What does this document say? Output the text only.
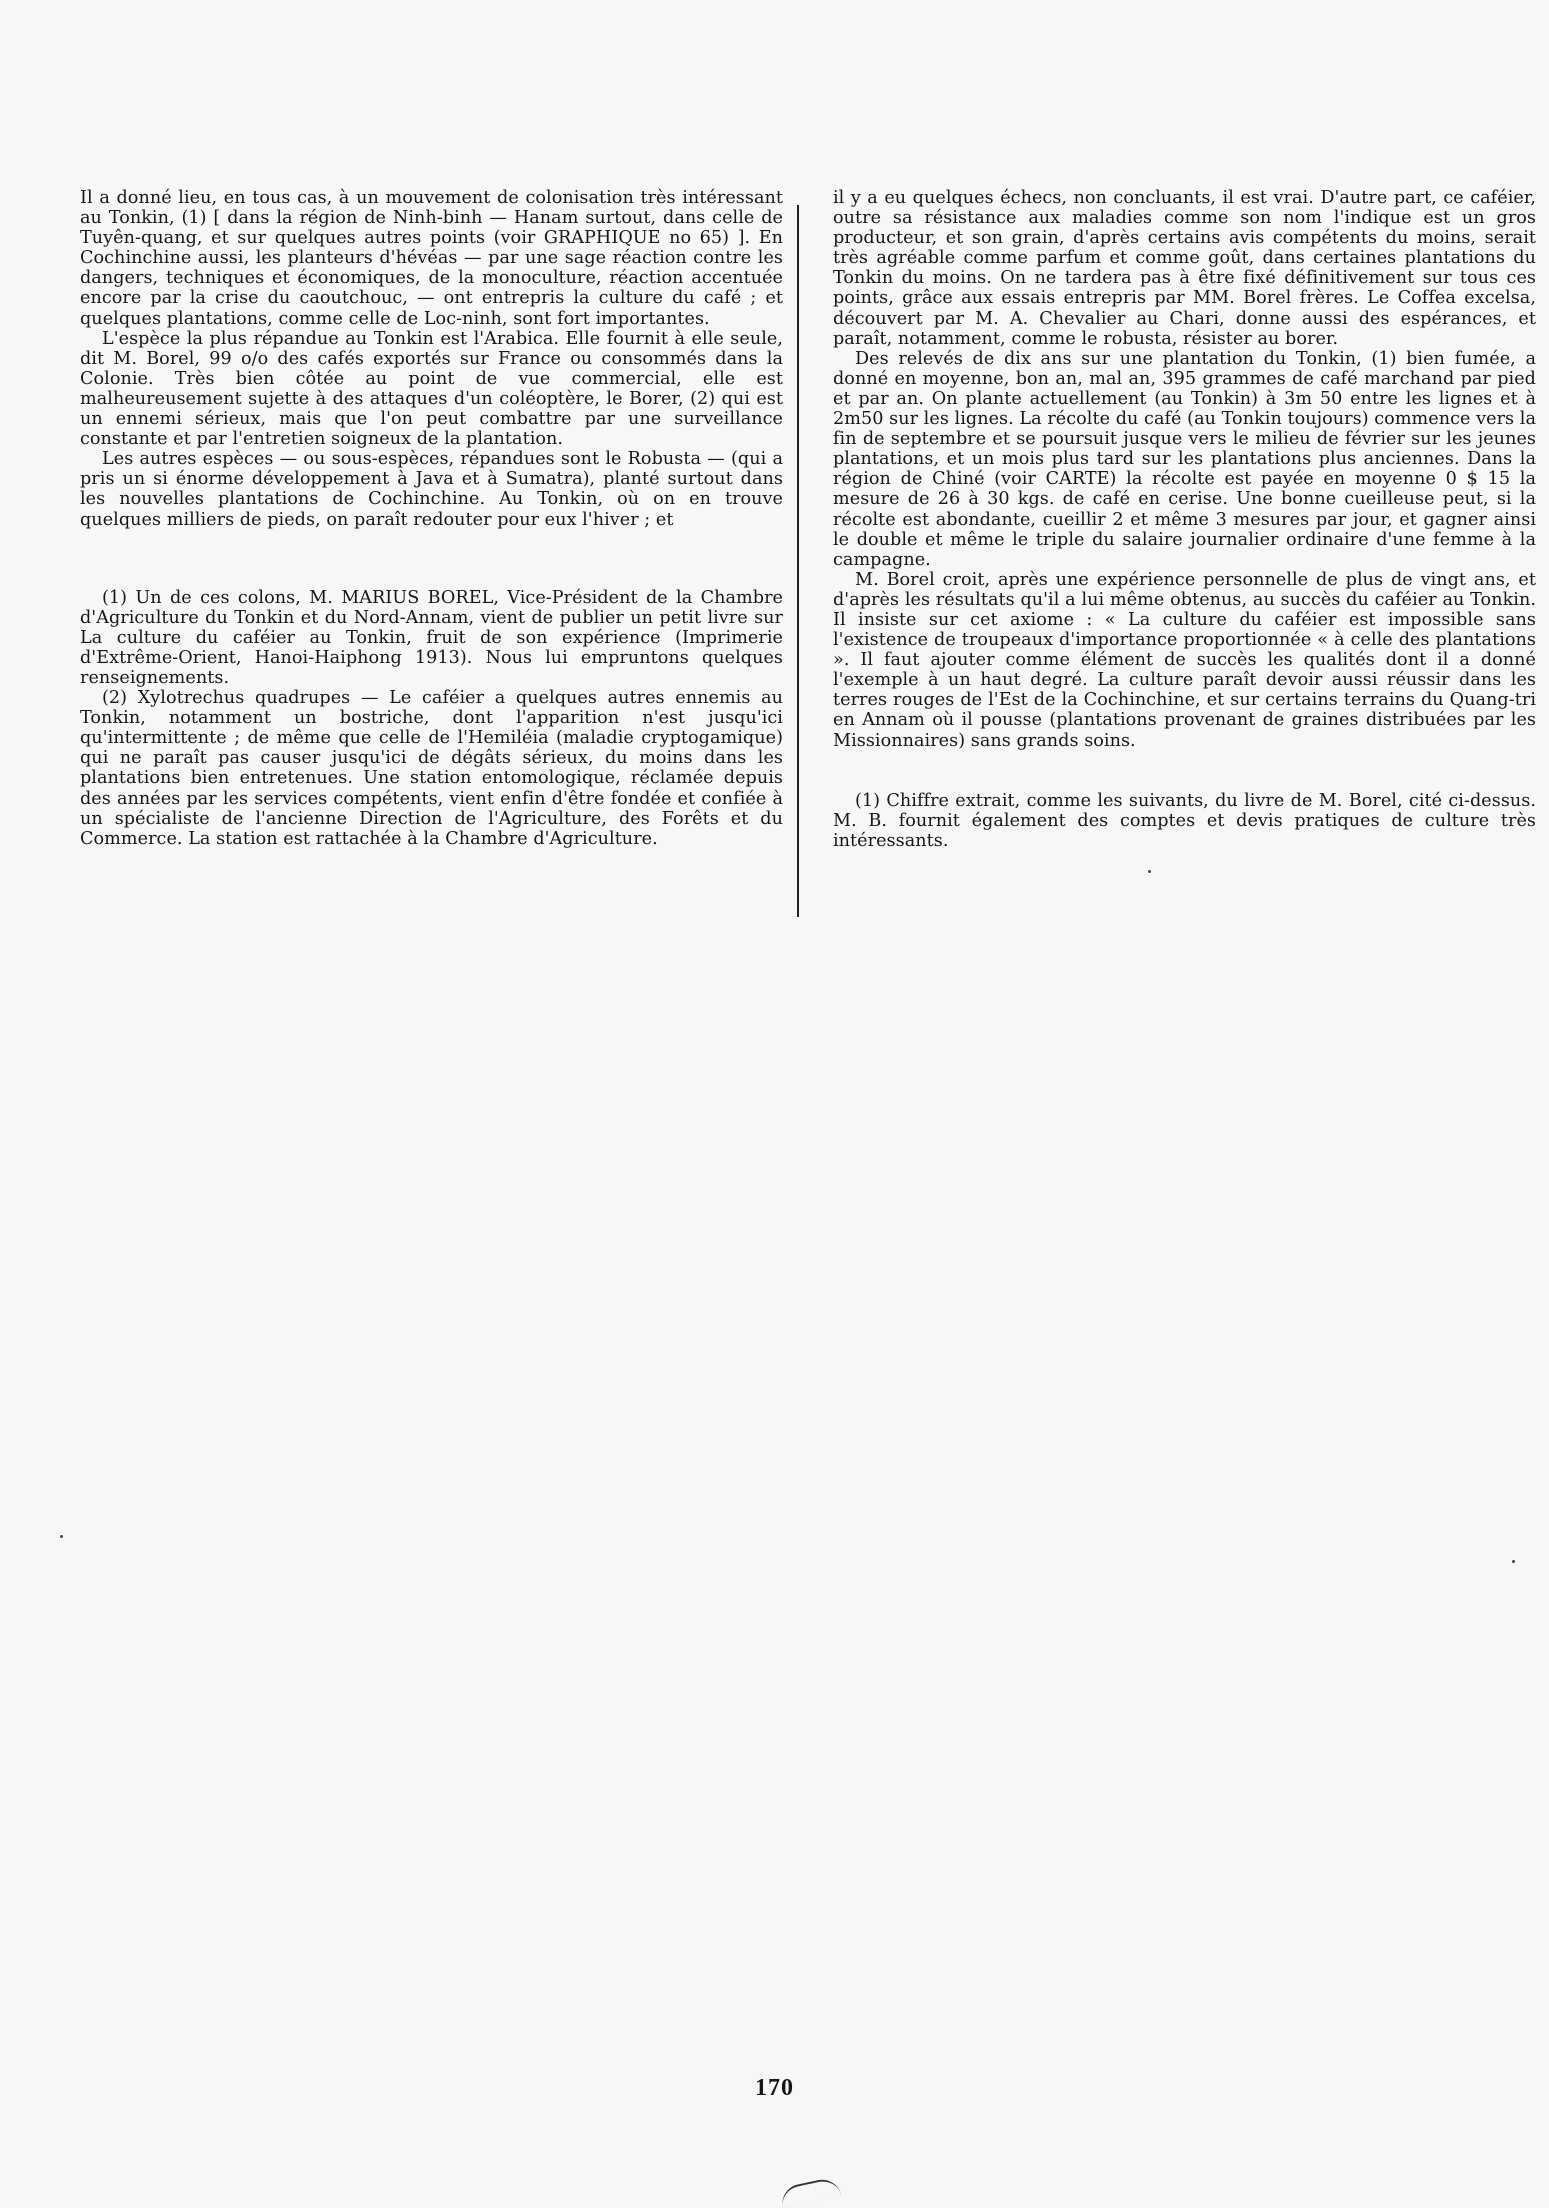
Il a donné lieu, en tous cas, à un mouvement de colonisation très intéressant au Tonkin, (1) [ dans la région de Ninh-binh — Hanam surtout, dans celle de Tuyên-quang, et sur quelques autres points (voir GRAPHIQUE no 65) ]. En Cochinchine aussi, les planteurs d'hévéas — par une sage réaction contre les dangers, techniques et économiques, de la monoculture, réaction accentuée encore par la crise du caoutchouc, — ont entrepris la culture du café ; et quelques plantations, comme celle de Loc-ninh, sont fort importantes.

L'espèce la plus répandue au Tonkin est l'Arabica. Elle fournit à elle seule, dit M. Borel, 99 o/o des cafés exportés sur France ou consommés dans la Colonie. Très bien côtée au point de vue commercial, elle est malheureusement sujette à des attaques d'un coléoptère, le Borer, (2) qui est un ennemi sérieux, mais que l'on peut combattre par une surveillance constante et par l'entretien soigneux de la plantation.

Les autres espèces — ou sous-espèces, répandues sont le Robusta — (qui a pris un si énorme développement à Java et à Sumatra), planté surtout dans les nouvelles plantations de Cochinchine. Au Tonkin, où on en trouve quelques milliers de pieds, on paraît redouter pour eux l'hiver ; et

(1) Un de ces colons, M. MARIUS BOREL, Vice-Président de la Chambre d'Agriculture du Tonkin et du Nord-Annam, vient de publier un petit livre sur La culture du caféier au Tonkin, fruit de son expérience (Imprimerie d'Extrême-Orient, Hanoi-Haiphong 1913). Nous lui empruntons quelques renseignements.

(2) Xylotrechus quadrupes — Le caféier a quelques autres ennemis au Tonkin, notamment un bostriche, dont l'apparition n'est jusqu'ici qu'intermittente ; de même que celle de l'Hemiléia (maladie cryptogamique) qui ne paraît pas causer jusqu'ici de dégâts sérieux, du moins dans les plantations bien entretenues. Une station entomologique, réclamée depuis des années par les services compétents, vient enfin d'être fondée et confiée à un spécialiste de l'ancienne Direction de l'Agriculture, des Forêts et du Commerce. La station est rattachée à la Chambre d'Agriculture.

il y a eu quelques échecs, non concluants, il est vrai. D'autre part, ce caféier, outre sa résistance aux maladies comme son nom l'indique est un gros producteur, et son grain, d'après certains avis compétents du moins, serait très agréable comme parfum et comme goût, dans certaines plantations du Tonkin du moins. On ne tardera pas à être fixé définitivement sur tous ces points, grâce aux essais entrepris par MM. Borel frères. Le Coffea excelsa, découvert par M. A. Chevalier au Chari, donne aussi des espérances, et paraît, notamment, comme le robusta, résister au borer.

Des relevés de dix ans sur une plantation du Tonkin, (1) bien fumée, a donné en moyenne, bon an, mal an, 395 grammes de café marchand par pied et par an. On plante actuellement (au Tonkin) à 3m 50 entre les lignes et à 2m50 sur les lignes. La récolte du café (au Tonkin toujours) commence vers la fin de septembre et se poursuit jusque vers le milieu de février sur les jeunes plantations, et un mois plus tard sur les plantations plus anciennes. Dans la région de Chiné (voir CARTE) la récolte est payée en moyenne 0 $ 15 la mesure de 26 à 30 kgs. de café en cerise. Une bonne cueilleuse peut, si la récolte est abondante, cueillir 2 et même 3 mesures par jour, et gagner ainsi le double et même le triple du salaire journalier ordinaire d'une femme à la campagne.

M. Borel croit, après une expérience personnelle de plus de vingt ans, et d'après les résultats qu'il a lui même obtenus, au succès du caféier au Tonkin. Il insiste sur cet axiome : « La culture du caféier est impossible sans l'existence de troupeaux d'importance proportionnée « à celle des plantations ». Il faut ajouter comme élément de succès les qualités dont il a donné l'exemple à un haut degré. La culture paraît devoir aussi réussir dans les terres rouges de l'Est de la Cochinchine, et sur certains terrains du Quang-tri en Annam où il pousse (plantations provenant de graines distribuées par les Missionnaires) sans grands soins.

(1) Chiffre extrait, comme les suivants, du livre de M. Borel, cité ci-dessus. M. B. fournit également des comptes et devis pratiques de culture très intéressants.

170
